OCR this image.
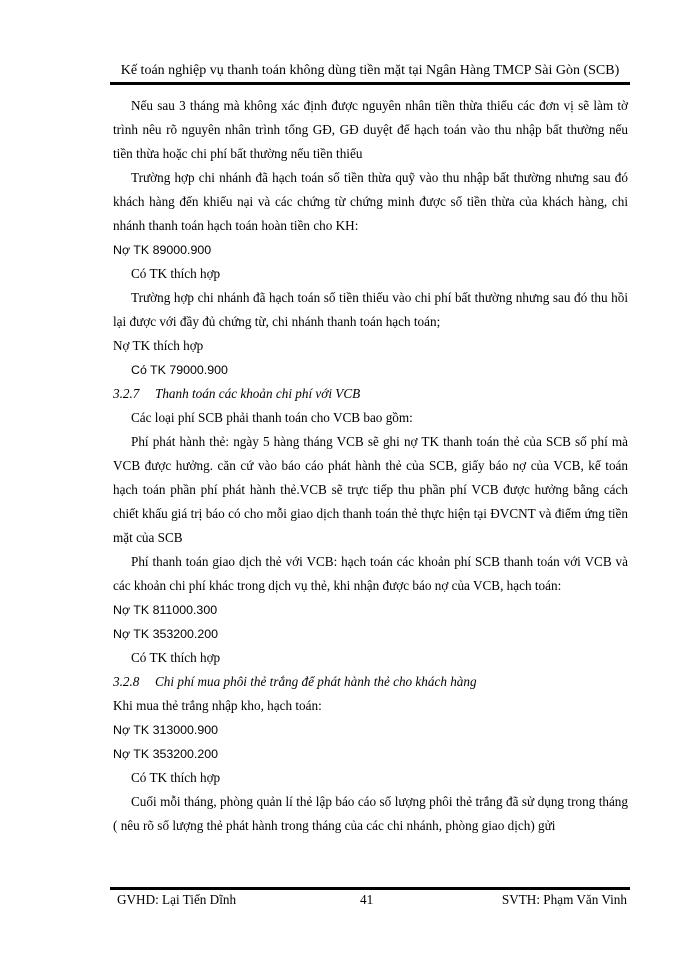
Kế toán nghiệp vụ thanh toán không dùng tiền mặt tại Ngân Hàng TMCP Sài Gòn (SCB)
Nếu sau 3 tháng mà không xác định được nguyên nhân tiền thừa thiếu các đơn vị sẽ làm tờ trình nêu rõ nguyên nhân trình tổng GĐ, GĐ duyệt để hạch toán vào thu nhập bất thường nếu tiền thừa hoặc chi phí bất thường nếu tiền thiếu
Trường hợp chi nhánh đã hạch toán số tiền thừa quỹ vào thu nhập bất thường nhưng sau đó khách hàng đến khiếu nại và các chứng từ chứng minh được số tiền thừa của khách hàng, chi nhánh thanh toán hạch toán hoàn tiền cho KH:
Nợ TK 89000.900
Có TK thích hợp
Trường hợp chi nhánh đã hạch toán số tiền thiếu vào chi phí bất thường nhưng sau đó thu hồi lại được với đầy đủ chứng từ, chi nhánh thanh toán hạch toán;
Nợ TK thích hợp
Có TK 79000.900
3.2.7 Thanh toán các khoản chi phí với VCB
Các loại phí SCB phải thanh toán cho VCB bao gồm:
Phí phát hành thẻ: ngày 5 hàng tháng VCB sẽ ghi nợ TK thanh toán thẻ của SCB số phí mà VCB được hưởng. căn cứ vào báo cáo phát hành thẻ của SCB, giấy báo nợ của VCB, kế toán hạch toán phần phí phát hành thẻ.VCB sẽ trực tiếp thu phần phí VCB được hưởng bằng cách chiết khấu giá trị báo có cho mỗi giao dịch thanh toán thẻ thực hiện tại ĐVCNT và điểm ứng tiền mặt của SCB
Phí thanh toán giao dịch thẻ với VCB: hạch toán các khoản phí SCB thanh toán với VCB và các khoản chi phí khác trong dịch vụ thẻ, khi nhận được báo nợ của VCB, hạch toán:
Nợ TK 811000.300
Nợ TK 353200.200
Có TK thích hợp
3.2.8 Chi phí mua phôi thẻ trắng để phát hành thẻ cho khách hàng
Khi mua thẻ trắng nhập kho, hạch toán:
Nợ TK 313000.900
Nợ TK 353200.200
Có TK thích hợp
Cuối mỗi tháng, phòng quản lí thẻ lập báo cáo số lượng phôi thẻ trắng đã sử dụng trong tháng ( nêu rõ số lượng thẻ phát hành trong tháng của các chi nhánh, phòng giao dịch) gửi
GVHD: Lại Tiến Dĩnh	41	SVTH: Phạm Văn Vinh
